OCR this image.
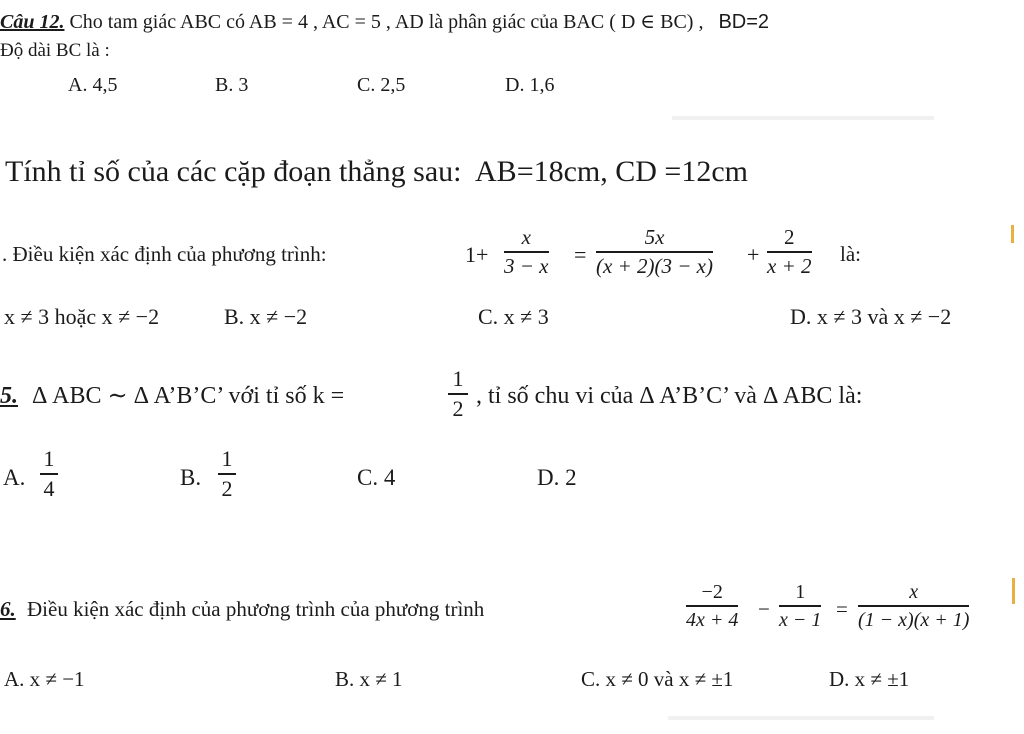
Câu 12. Cho tam giác ABC có AB = 4 , AC = 5 , AD là phân giác của BAC ( D ∈ BC) , BD=2
Độ dài BC là :
A. 4,5	B. 3	C. 2,5	D. 1,6
Tính tỉ số của các cặp đoạn thẳng sau: AB=18cm, CD =12cm
. Điều kiện xác định của phương trình:	1+
x
3 − x =
5x
(x + 2)(3 − x) +
2
x + 2 là:
x ≠ 3 hoặc x ≠ −2	B. x ≠ −2	C. x ≠ 3	D. x ≠ 3 và x ≠ −2
5. Δ ABC ∼ Δ A’B’C’ với tỉ số k =
1
2 , tỉ số chu vi của Δ A’B’C’ và Δ ABC là:
A.
1
4	B.
1
2	C. 4	D. 2
6. Điều kiện xác định của phương trình của phương trình
−2
4x + 4 −
1
x − 1 =
x
(1 − x)(x + 1)
A. x ≠ −1	B. x ≠ 1	C. x ≠ 0 và x ≠ ±1	D. x ≠ ±1
